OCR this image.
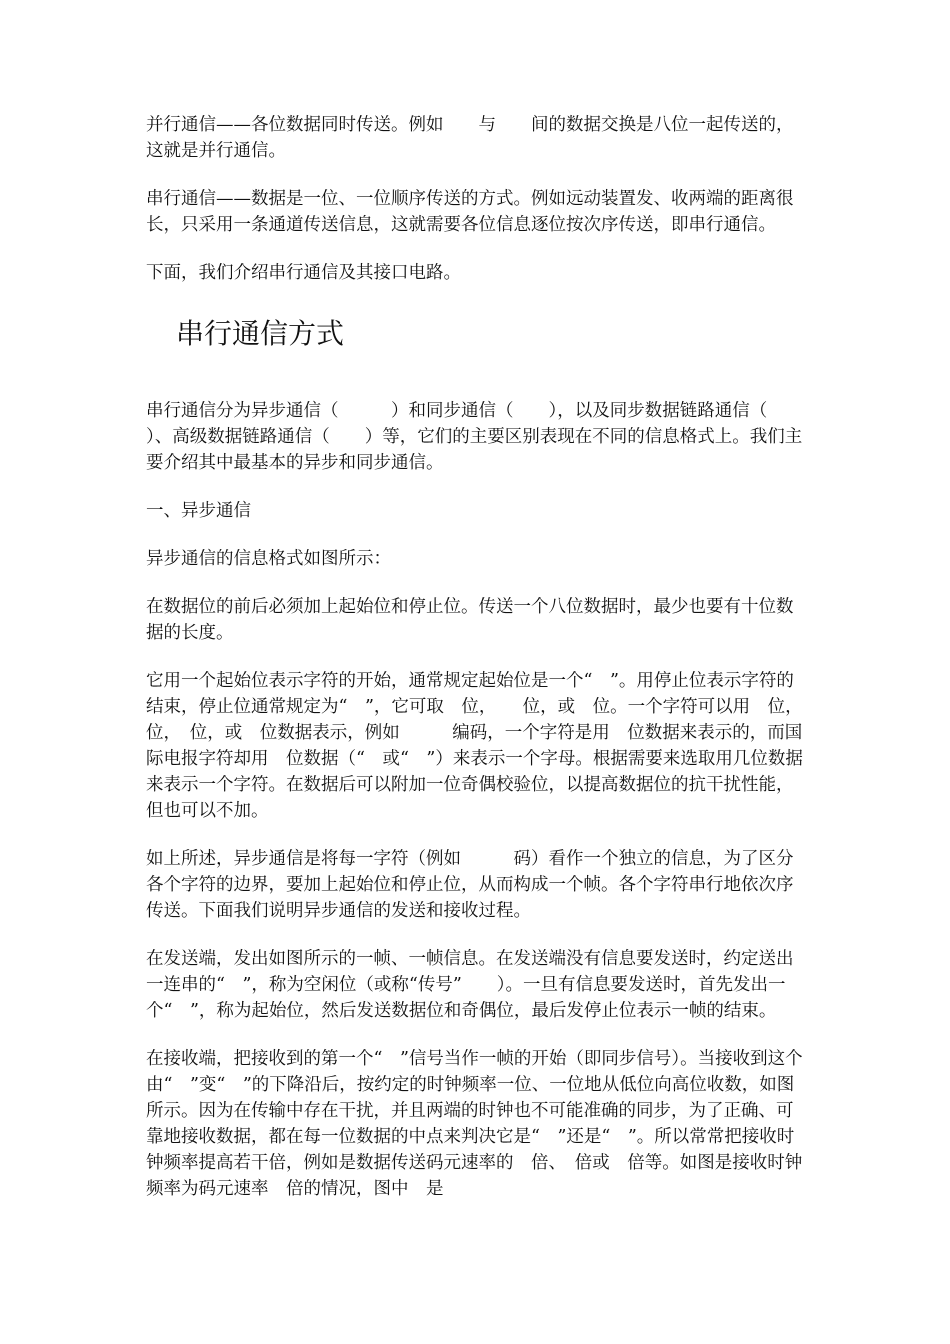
并行通信——各位数据同时传送。例如　　与　　间的数据交换是八位一起传送的，这就是并行通信。

串行通信——数据是一位、一位顺序传送的方式。例如远动装置发、收两端的距离很长，只采用一条通道传送信息，这就需要各位信息逐位按次序传送，即串行通信。

下面，我们介绍串行通信及其接口电路。

串行通信方式

串行通信分为异步通信（　　　）和同步通信（　　），以及同步数据链路通信（　　）、高级数据链路通信（　　）等，它们的主要区别表现在不同的信息格式上。我们主要介绍其中最基本的异步和同步通信。

一、异步通信

异步通信的信息格式如图所示：

在数据位的前后必须加上起始位和停止位。传送一个八位数据时，最少也要有十位数据的长度。

它用一个起始位表示字符的开始，通常规定起始位是一个“　”。用停止位表示字符的结束，停止位通常规定为“　”，它可取　位，　　位，或　位。一个字符可以用　位，　位，　位，或　位数据表示，例如　　　编码，一个字符是用　位数据来表示的，而国际电报字符却用　位数据（“　或“　”）来表示一个字母。根据需要来选取用几位数据来表示一个字符。在数据后可以附加一位奇偶校验位，以提高数据位的抗干扰性能，但也可以不加。

如上所述，异步通信是将每一字符（例如　　　码）看作一个独立的信息，为了区分各个字符的边界，要加上起始位和停止位，从而构成一个帧。各个字符串行地依次序传送。下面我们说明异步通信的发送和接收过程。

在发送端，发出如图所示的一帧、一帧信息。在发送端没有信息要发送时，约定送出一连串的“　”，称为空闲位（或称“传号”　　）。一旦有信息要发送时，首先发出一个“　”，称为起始位，然后发送数据位和奇偶位，最后发停止位表示一帧的结束。

在接收端，把接收到的第一个“　”信号当作一帧的开始（即同步信号）。当接收到这个由“　”变“　”的下降沿后，按约定的时钟频率一位、一位地从低位向高位收数，如图所示。因为在传输中存在干扰，并且两端的时钟也不可能准确的同步，为了正确、可靠地接收数据，都在每一位数据的中点来判决它是“　”还是“　”。所以常常把接收时钟频率提高若干倍，例如是数据传送码元速率的　倍、　倍或　倍等。如图是接收时钟频率为码元速率　倍的情况，图中　是
